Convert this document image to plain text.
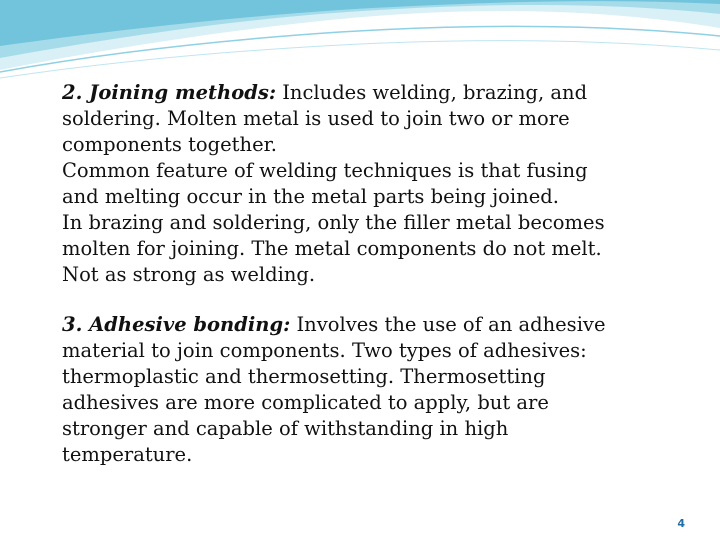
2. Joining methods: Includes welding, brazing, and
soldering. Molten metal is used to join two or more
components together.
Common feature of welding techniques is that fusing
and melting occur in the metal parts being joined.
In brazing and soldering, only the filler metal becomes
molten for joining. The metal components do not melt.
Not as strong as welding.

3. Adhesive bonding: Involves the use of an adhesive
material to join components. Two types of adhesives:
thermoplastic and thermosetting. Thermosetting
adhesives are more complicated to apply, but are
stronger and capable of withstanding in high
temperature.

4
